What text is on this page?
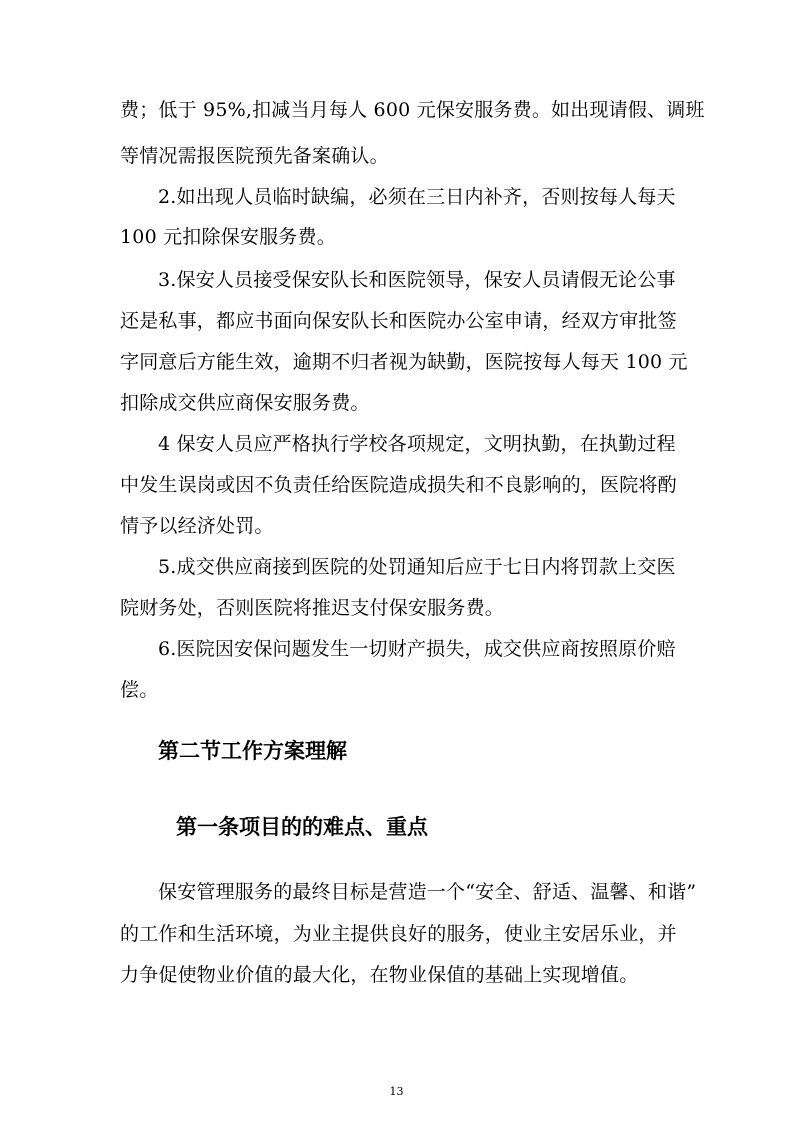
费；低于 95%,扣减当月每人 600 元保安服务费。如出现请假、调班
等情况需报医院预先备案确认。
2.如出现人员临时缺编，必须在三日内补齐，否则按每人每天
100 元扣除保安服务费。
3.保安人员接受保安队长和医院领导，保安人员请假无论公事
还是私事，都应书面向保安队长和医院办公室申请，经双方审批签
字同意后方能生效，逾期不归者视为缺勤，医院按每人每天 100 元
扣除成交供应商保安服务费。
4 保安人员应严格执行学校各项规定，文明执勤，在执勤过程
中发生误岗或因不负责任给医院造成损失和不良影响的，医院将酌
情予以经济处罚。
5.成交供应商接到医院的处罚通知后应于七日内将罚款上交医
院财务处，否则医院将推迟支付保安服务费。
6.医院因安保问题发生一切财产损失，成交供应商按照原价赔
偿。
第二节工作方案理解
第一条项目的的难点、重点
保安管理服务的最终目标是营造一个“安全、舒适、温馨、和谐”
的工作和生活环境，为业主提供良好的服务，使业主安居乐业，并
力争促使物业价值的最大化，在物业保值的基础上实现增值。
13
